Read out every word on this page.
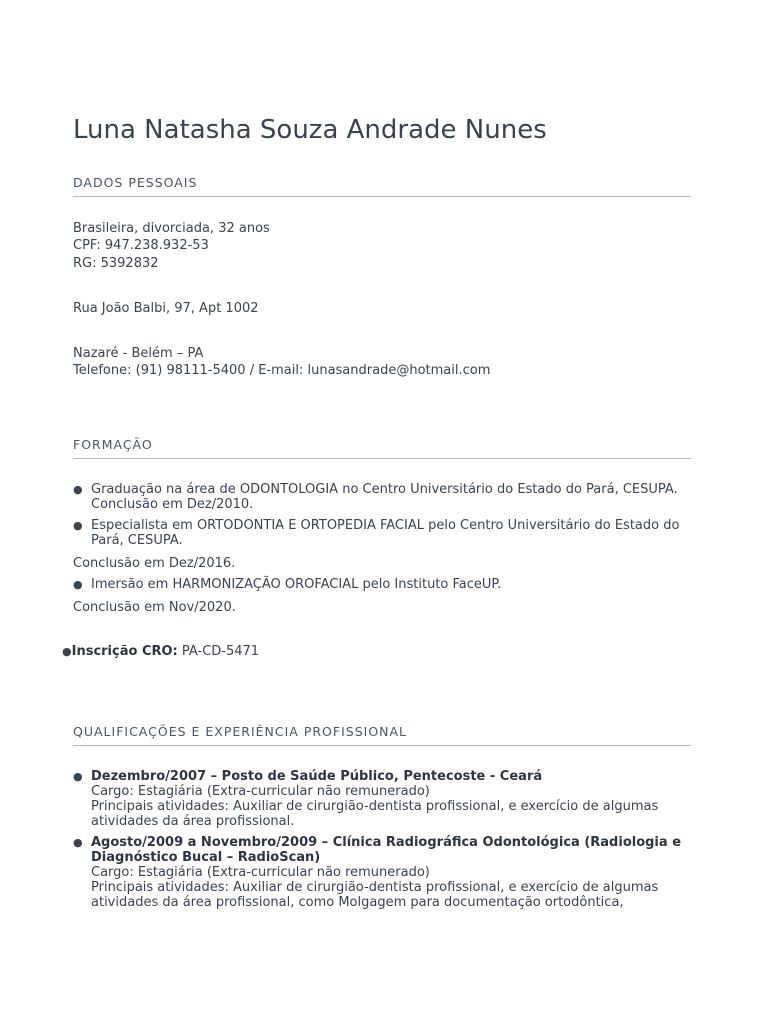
Luna Natasha Souza Andrade Nunes
DADOS PESSOAIS
Brasileira, divorciada, 32 anos
CPF: 947.238.932-53
RG: 5392832
Rua João Balbi, 97, Apt 1002
Nazaré - Belém – PA
Telefone: (91) 98111-5400 / E-mail: lunasandrade@hotmail.com
FORMAÇÃO
● Graduação na área de ODONTOLOGIA no Centro Universitário do Estado do Pará, CESUPA.
Conclusão em Dez/2010.
● Especialista em ORTODONTIA E ORTOPEDIA FACIAL pelo Centro Universitário do Estado do
Pará, CESUPA.
Conclusão em Dez/2016.
● Imersão em HARMONIZAÇÃO OROFACIAL pelo Instituto FaceUP.
Conclusão em Nov/2020.
●Inscrição CRO: PA-CD-5471
QUALIFICAÇÕES E EXPERIÊNCIA PROFISSIONAL
● Dezembro/2007 – Posto de Saúde Público, Pentecoste - Ceará
Cargo: Estagiária (Extra-curricular não remunerado)
Principais atividades: Auxiliar de cirurgião-dentista profissional, e exercício de algumas
atividades da área profissional.
● Agosto/2009 a Novembro/2009 – Clínica Radiográfica Odontológica (Radiologia e
Diagnóstico Bucal – RadioScan)
Cargo: Estagiária (Extra-curricular não remunerado)
Principais atividades: Auxiliar de cirurgião-dentista profissional, e exercício de algumas
atividades da área profissional, como Molgagem para documentação ortodôntica,
